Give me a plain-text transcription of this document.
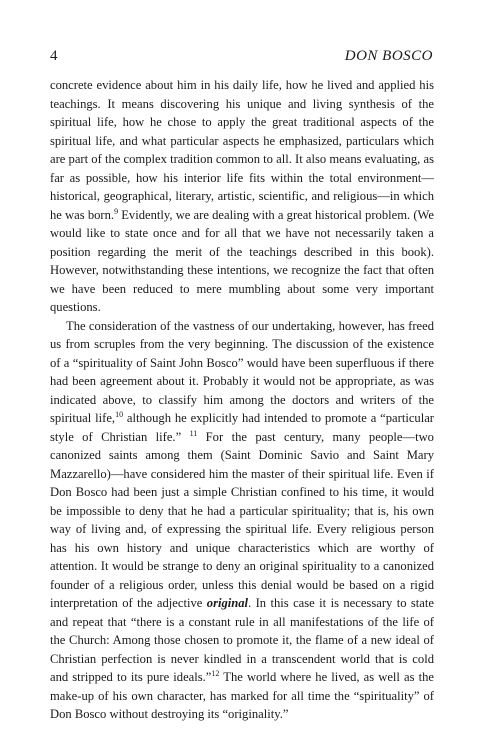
4	DON BOSCO

concrete evidence about him in his daily life, how he lived and applied his teachings. It means discovering his unique and living synthesis of the spiritual life, how he chose to apply the great traditional aspects of the spiritual life, and what particular aspects he emphasized, particulars which are part of the complex tradition common to all. It also means evaluating, as far as possible, how his interior life fits within the total environment—historical, geographical, literary, artistic, scientific, and religious—in which he was born.$^9$ Evidently, we are dealing with a great historical problem. (We would like to state once and for all that we have not necessarily taken a position regarding the merit of the teachings described in this book). However, notwithstanding these intentions, we recognize the fact that often we have been reduced to mere mumbling about some very important questions.

The consideration of the vastness of our undertaking, however, has freed us from scruples from the very beginning. The discussion of the existence of a “spirituality of Saint John Bosco” would have been superfluous if there had been agreement about it. Probably it would not be appropriate, as was indicated above, to classify him among the doctors and writers of the spiritual life,$^{10}$ although he explicitly had intended to promote a “particular style of Christian life.” $^{11}$ For the past century, many people—two canonized saints among them (Saint Dominic Savio and Saint Mary Mazzarello)—have considered him the master of their spiritual life. Even if Don Bosco had been just a simple Christian confined to his time, it would be impossible to deny that he had a particular spirituality; that is, his own way of living and, of expressing the spiritual life. Every religious person has his own history and unique characteristics which are worthy of attention. It would be strange to deny an original spirituality to a canonized founder of a religious order, unless this denial would be based on a rigid interpretation of the adjective original. In this case it is necessary to state and repeat that “there is a constant rule in all manifestations of the life of the Church: Among those chosen to promote it, the flame of a new ideal of Christian perfection is never kindled in a transcendent world that is cold and stripped to its pure ideals.”$^{12}$ The world where he lived, as well as the make-up of his own character, has marked for all time the “spirituality” of Don Bosco without destroying its “originality.”
